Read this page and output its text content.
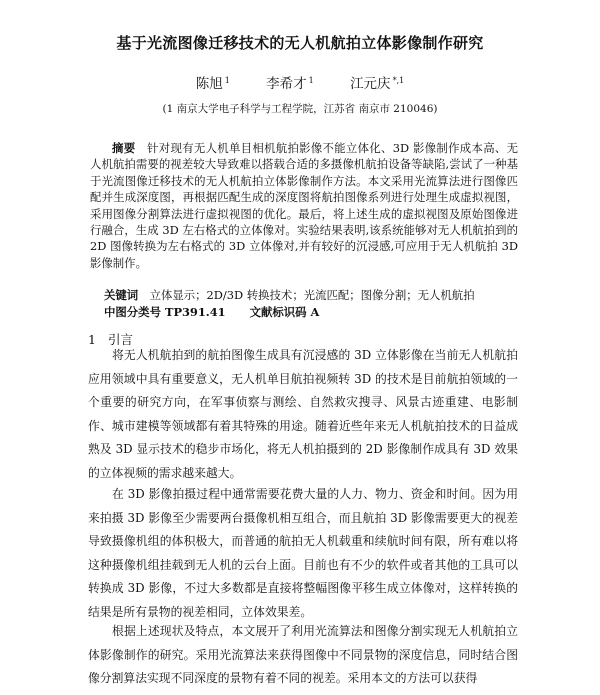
基于光流图像迁移技术的无人机航拍立体影像制作研究
陈旭 $^1$	李希才 $^1$	江元庆 $^{*,1}$
(1 南京大学电子科学与工程学院，江苏省 南京市 210046)
摘要　 针对现有无人机单目相机航拍影像不能立体化、3D 影像制作成本高、无人机航拍需要的视差较大导致难以搭载合适的多摄像机航拍设备等缺陷,尝试了一种基于光流图像迁移技术的无人机航拍立体影像制作方法。本文采用光流算法进行图像匹配并生成深度图，再根据匹配生成的深度图将航拍图像系列进行处理生成虚拟视图，采用图像分割算法进行虚拟视图的优化。最后，将上述生成的虚拟视图及原始图像进行融合，生成 3D 左右格式的立体像对。实验结果表明,该系统能够对无人机航拍到的 2D 图像转换为左右格式的 3D 立体像对,并有较好的沉浸感,可应用于无人机航拍 3D 影像制作。
关键词　 立体显示；2D/3D 转换技术；光流匹配；图像分割；无人机航拍
中图分类号 TP391.41 文献标识码 A
1 引言
将无人机航拍到的航拍图像生成具有沉浸感的 3D 立体影像在当前无人机航拍应用领域中具有重要意义，无人机单目航拍视频转 3D 的技术是目前航拍领域的一个重要的研究方向，在军事侦察与测绘、自然救灾搜寻、风景古迹重建、电影制作、城市建模等领域都有着其特殊的用途。随着近些年来无人机航拍技术的日益成熟及 3D 显示技术的稳步市场化，将无人机拍摄到的 2D 影像制作成具有 3D 效果的立体视频的需求越来越大。
在 3D 影像拍摄过程中通常需要花费大量的人力、物力、资金和时间。因为用来拍摄 3D 影像至少需要两台摄像机相互组合，而且航拍 3D 影像需要更大的视差导致摄像机组的体积极大，而普通的航拍无人机载重和续航时间有限，所有难以将这种摄像机组挂载到无人机的云台上面。目前也有不少的软件或者其他的工具可以转换成 3D 影像，不过大多数都是直接将整幅图像平移生成立体像对，这样转换的结果是所有景物的视差相同，立体效果差。
根据上述现状及特点，本文展开了利用光流算法和图像分割实现无人机航拍立体影像制作的研究。采用光流算法来获得图像中不同景物的深度信息，同时结合图像分割算法实现不同深度的景物有着不同的视差。采用本文的方法可以获得
